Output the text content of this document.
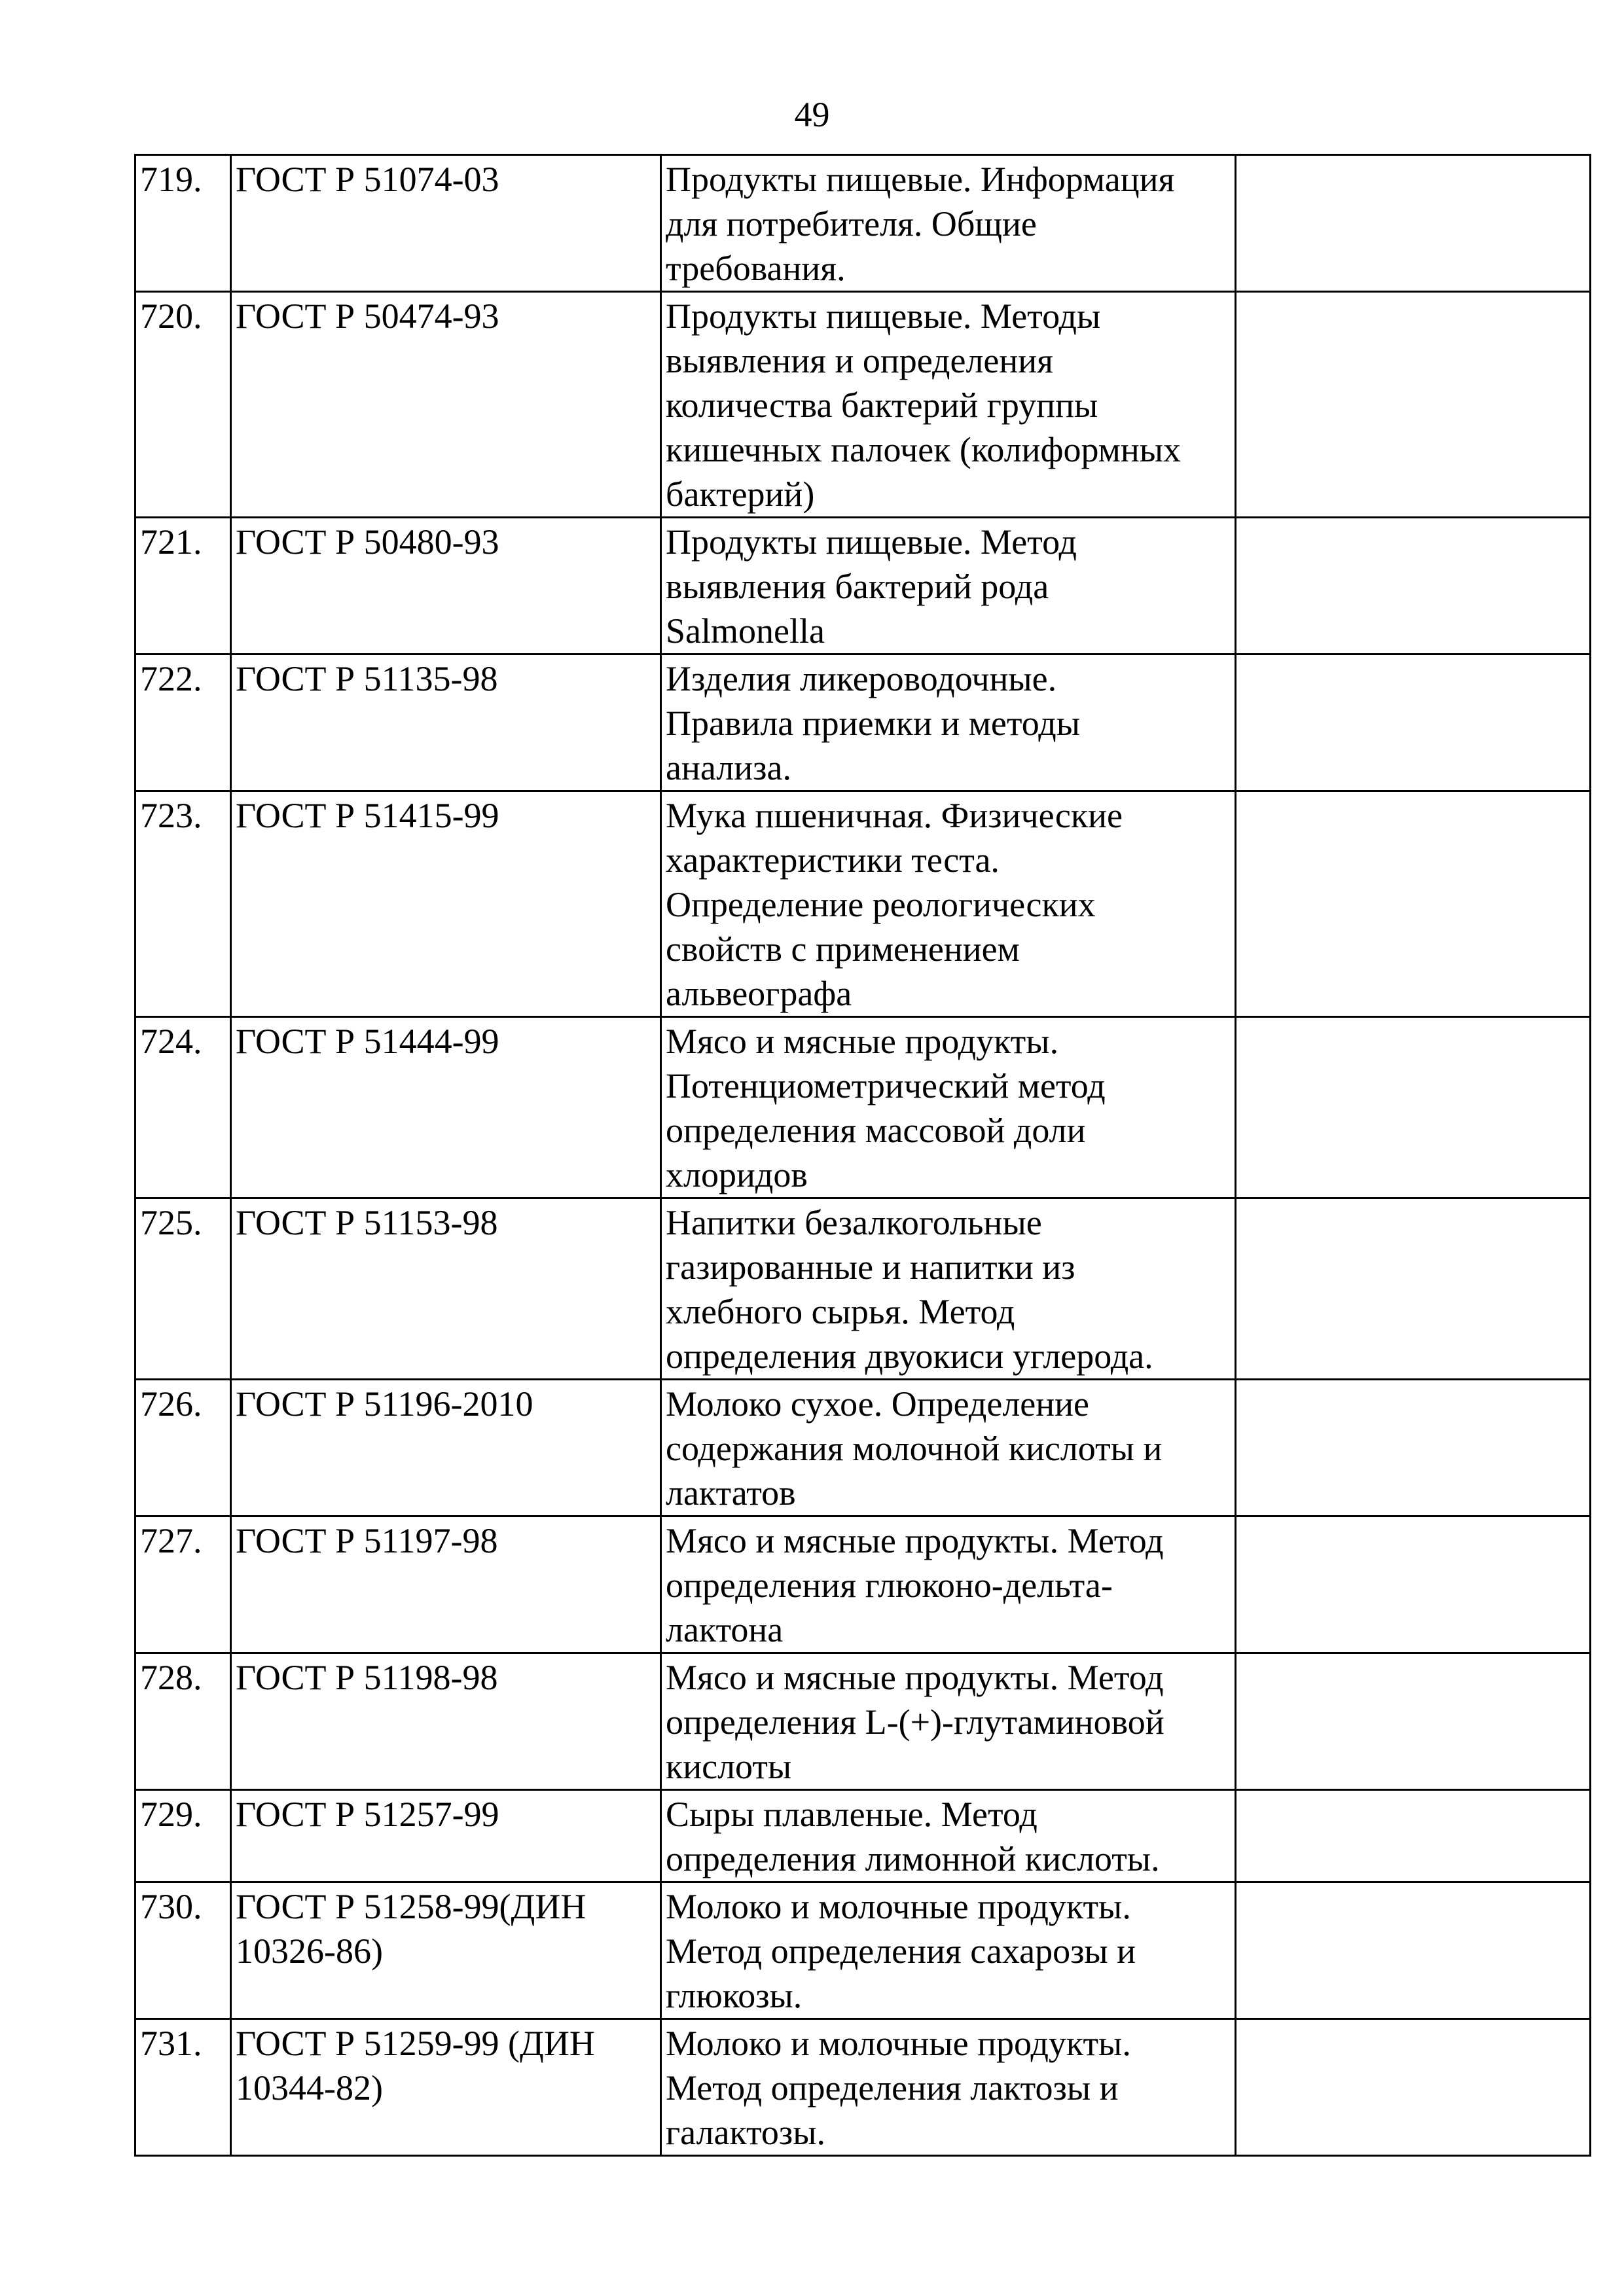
49
719.	ГОСТ Р 51074-03	Продукты пищевые. Информация
для потребителя. Общие
требования.	

720.	ГОСТ Р 50474-93	Продукты пищевые. Методы
выявления и определения
количества бактерий группы
кишечных палочек (колиформных
бактерий)	

721.	ГОСТ Р 50480-93	Продукты пищевые. Метод
выявления бактерий рода
Salmonella	

722.	ГОСТ Р 51135-98	Изделия ликероводочные.
Правила приемки и методы
анализа.	

723.	ГОСТ Р 51415-99	Мука пшеничная. Физические
характеристики теста.
Определение реологических
свойств с применением
альвеографа	

724.	ГОСТ Р 51444-99	Мясо и мясные продукты.
Потенциометрический метод
определения массовой доли
хлоридов	

725.	ГОСТ Р 51153-98	Напитки безалкогольные
газированные и напитки из
хлебного сырья. Метод
определения двуокиси углерода.	

726.	ГОСТ Р 51196-2010	Молоко сухое. Определение
содержания молочной кислоты и
лактатов	

727.	ГОСТ Р 51197-98	Мясо и мясные продукты. Метод
определения глюконо-дельта-
лактона	

728.	ГОСТ Р 51198-98	Мясо и мясные продукты. Метод
определения L-(+)-глутаминовой
кислоты	

729.	ГОСТ Р 51257-99	Сыры плавленые. Метод
определения лимонной кислоты.	

730.	ГОСТ Р 51258-99(ДИН
10326-86)	Молоко и молочные продукты.
Метод определения сахарозы и
глюкозы.	

731.	ГОСТ Р 51259-99 (ДИН
10344-82)	Молоко и молочные продукты.
Метод определения лактозы и
галактозы.	
